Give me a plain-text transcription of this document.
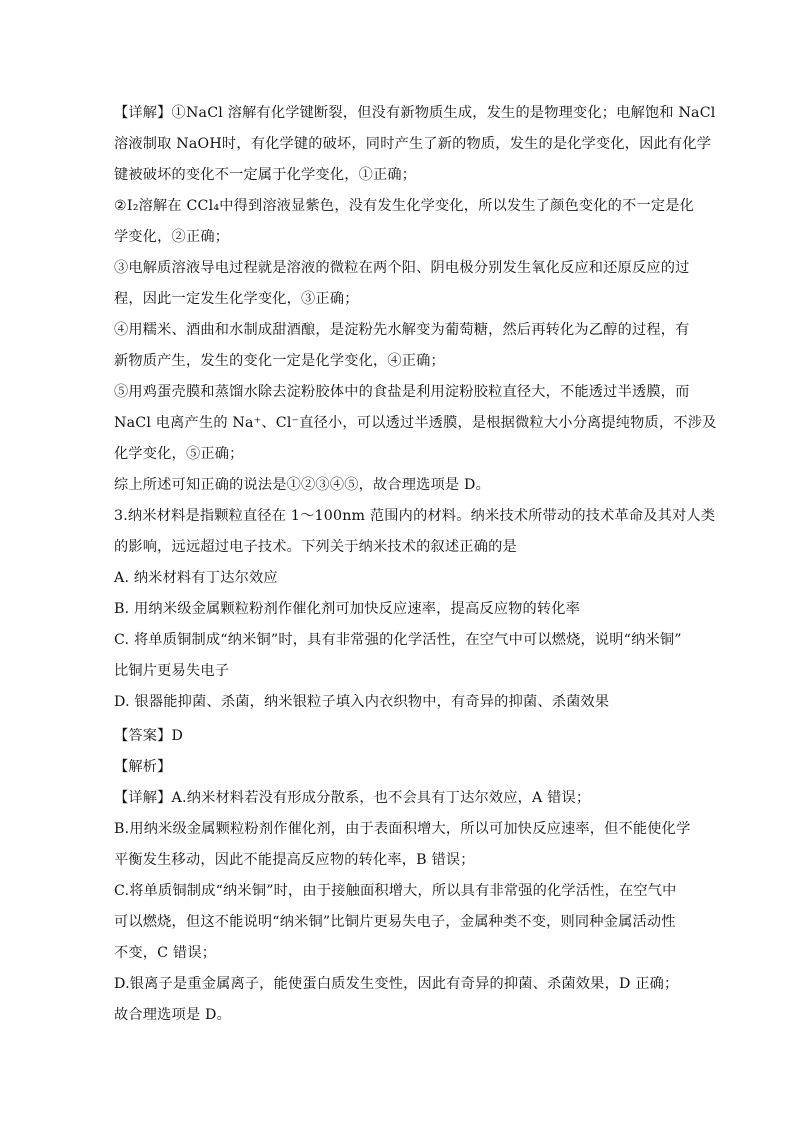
【详解】①NaCl 溶解有化学键断裂，但没有新物质生成，发生的是物理变化；电解饱和 NaCl
溶液制取 NaOH时，有化学键的破坏，同时产生了新的物质，发生的是化学变化，因此有化学
键被破坏的变化不一定属于化学变化，①正确；
②I₂溶解在 CCl₄中得到溶液显紫色，没有发生化学变化，所以发生了颜色变化的不一定是化
学变化，②正确；
③电解质溶液导电过程就是溶液的微粒在两个阳、阴电极分别发生氧化反应和还原反应的过
程，因此一定发生化学变化，③正确；
④用糯米、酒曲和水制成甜酒酿，是淀粉先水解变为葡萄糖，然后再转化为乙醇的过程，有
新物质产生，发生的变化一定是化学变化，④正确；
⑤用鸡蛋壳膜和蒸馏水除去淀粉胶体中的食盐是利用淀粉胶粒直径大，不能透过半透膜，而
NaCl 电离产生的 Na⁺、Cl⁻直径小，可以透过半透膜，是根据微粒大小分离提纯物质，不涉及
化学变化，⑤正确；
综上所述可知正确的说法是①②③④⑤，故合理选项是 D。
3.纳米材料是指颗粒直径在 1～100nm 范围内的材料。纳米技术所带动的技术革命及其对人类
的影响，远远超过电子技术。下列关于纳米技术的叙述正确的是
A. 纳米材料有丁达尔效应
B. 用纳米级金属颗粒粉剂作催化剂可加快反应速率，提高反应物的转化率
C. 将单质铜制成“纳米铜”时，具有非常强的化学活性，在空气中可以燃烧，说明“纳米铜”
比铜片更易失电子
D. 银器能抑菌、杀菌，纳米银粒子填入内衣织物中，有奇异的抑菌、杀菌效果
【答案】D
【解析】
【详解】A.纳米材料若没有形成分散系，也不会具有丁达尔效应，A 错误；
B.用纳米级金属颗粒粉剂作催化剂，由于表面积增大，所以可加快反应速率，但不能使化学
平衡发生移动，因此不能提高反应物的转化率，B 错误；
C.将单质铜制成“纳米铜”时，由于接触面积增大，所以具有非常强的化学活性，在空气中
可以燃烧，但这不能说明“纳米铜”比铜片更易失电子，金属种类不变，则同种金属活动性
不变，C 错误；
D.银离子是重金属离子，能使蛋白质发生变性，因此有奇异的抑菌、杀菌效果，D 正确；
故合理选项是 D。
